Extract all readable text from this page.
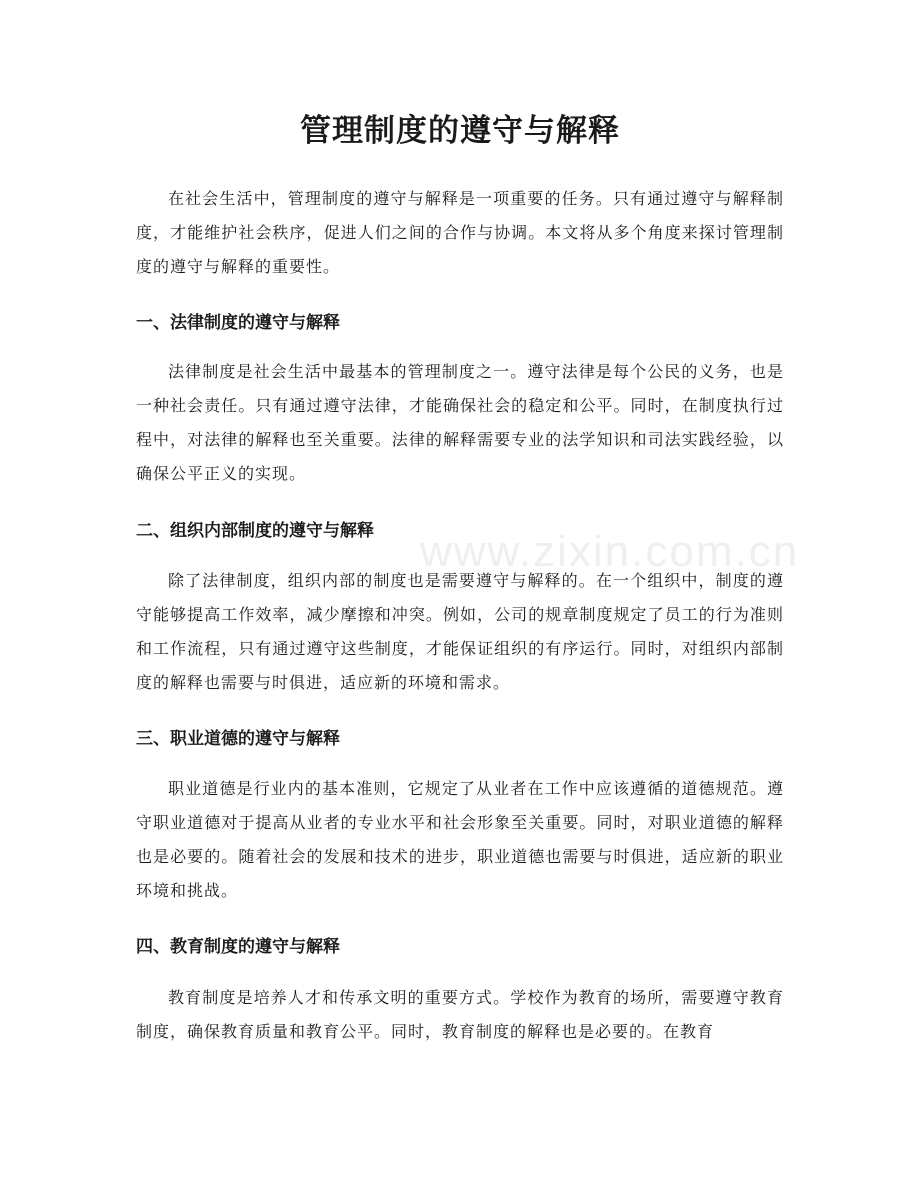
www.zixin.com.cn
管理制度的遵守与解释

在社会生活中，管理制度的遵守与解释是一项重要的任务。只有通过遵守与解释制度，才能维护社会秩序，促进人们之间的合作与协调。本文将从多个角度来探讨管理制度的遵守与解释的重要性。

一、法律制度的遵守与解释

法律制度是社会生活中最基本的管理制度之一。遵守法律是每个公民的义务，也是一种社会责任。只有通过遵守法律，才能确保社会的稳定和公平。同时，在制度执行过程中，对法律的解释也至关重要。法律的解释需要专业的法学知识和司法实践经验，以确保公平正义的实现。

二、组织内部制度的遵守与解释

除了法律制度，组织内部的制度也是需要遵守与解释的。在一个组织中，制度的遵守能够提高工作效率，减少摩擦和冲突。例如，公司的规章制度规定了员工的行为准则和工作流程，只有通过遵守这些制度，才能保证组织的有序运行。同时，对组织内部制度的解释也需要与时俱进，适应新的环境和需求。

三、职业道德的遵守与解释

职业道德是行业内的基本准则，它规定了从业者在工作中应该遵循的道德规范。遵守职业道德对于提高从业者的专业水平和社会形象至关重要。同时，对职业道德的解释也是必要的。随着社会的发展和技术的进步，职业道德也需要与时俱进，适应新的职业环境和挑战。

四、教育制度的遵守与解释

教育制度是培养人才和传承文明的重要方式。学校作为教育的场所，需要遵守教育制度，确保教育质量和教育公平。同时，教育制度的解释也是必要的。在教育
